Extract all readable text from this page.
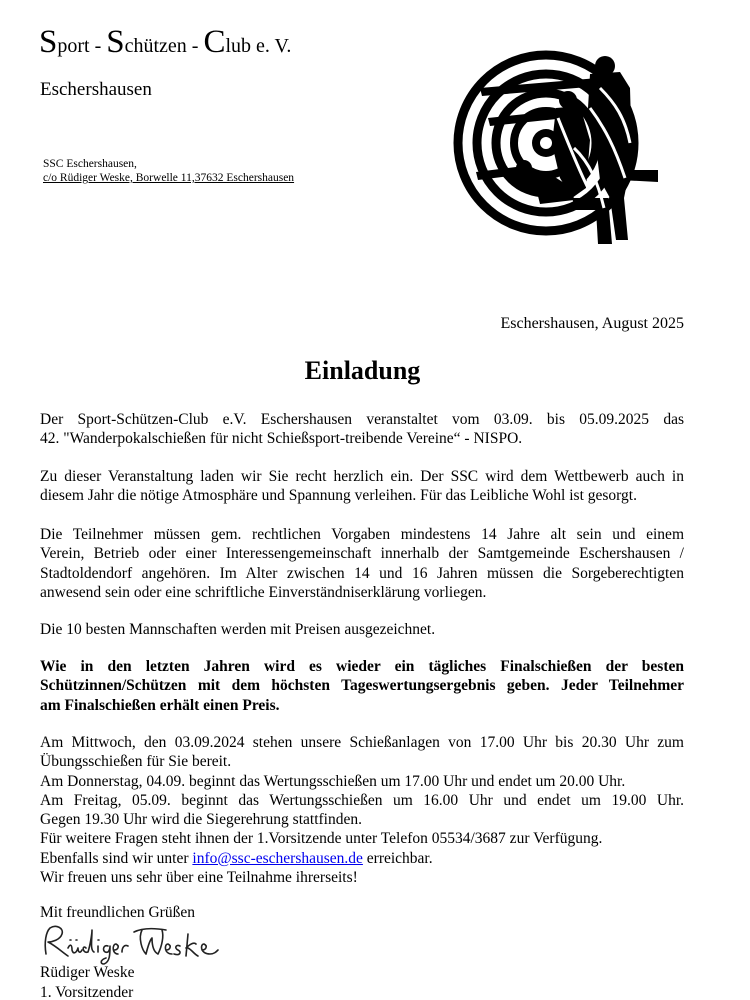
Sport - Schützen - Club e. V.
Eschershausen
SSC Eschershausen,
c/o Rüdiger Weske, Borwelle 11,37632 Eschershausen
Eschershausen, August 2025
Einladung
Der Sport-Schützen-Club e.V. Eschershausen veranstaltet vom 03.09. bis 05.09.2025 das
42. "Wanderpokalschießen für nicht Schießsport-treibende Vereine“ - NISPO.
Zu dieser Veranstaltung laden wir Sie recht herzlich ein. Der SSC wird dem Wettbewerb auch in
diesem Jahr die nötige Atmosphäre und Spannung verleihen. Für das Leibliche Wohl ist gesorgt.
Die Teilnehmer müssen gem. rechtlichen Vorgaben mindestens 14 Jahre alt sein und einem
Verein, Betrieb oder einer Interessengemeinschaft innerhalb der Samtgemeinde Eschershausen /
Stadtoldendorf angehören. Im Alter zwischen 14 und 16 Jahren müssen die Sorgeberechtigten
anwesend sein oder eine schriftliche Einverständniserklärung vorliegen.
Die 10 besten Mannschaften werden mit Preisen ausgezeichnet.
Wie in den letzten Jahren wird es wieder ein tägliches Finalschießen der besten
Schützinnen/Schützen mit dem höchsten Tageswertungsergebnis geben. Jeder Teilnehmer
am Finalschießen erhält einen Preis.
Am Mittwoch, den 03.09.2024 stehen unsere Schießanlagen von 17.00 Uhr bis 20.30 Uhr zum
Übungsschießen für Sie bereit.
Am Donnerstag, 04.09. beginnt das Wertungsschießen um 17.00 Uhr und endet um 20.00 Uhr.
Am Freitag, 05.09. beginnt das Wertungsschießen um 16.00 Uhr und endet um 19.00 Uhr.
Gegen 19.30 Uhr wird die Siegerehrung stattfinden.
Für weitere Fragen steht ihnen der 1.Vorsitzende unter Telefon 05534/3687 zur Verfügung.
Ebenfalls sind wir unter info@ssc-eschershausen.de erreichbar.
Wir freuen uns sehr über eine Teilnahme ihrerseits!
Mit freundlichen Grüßen
Rüdiger Weske
1. Vorsitzender
